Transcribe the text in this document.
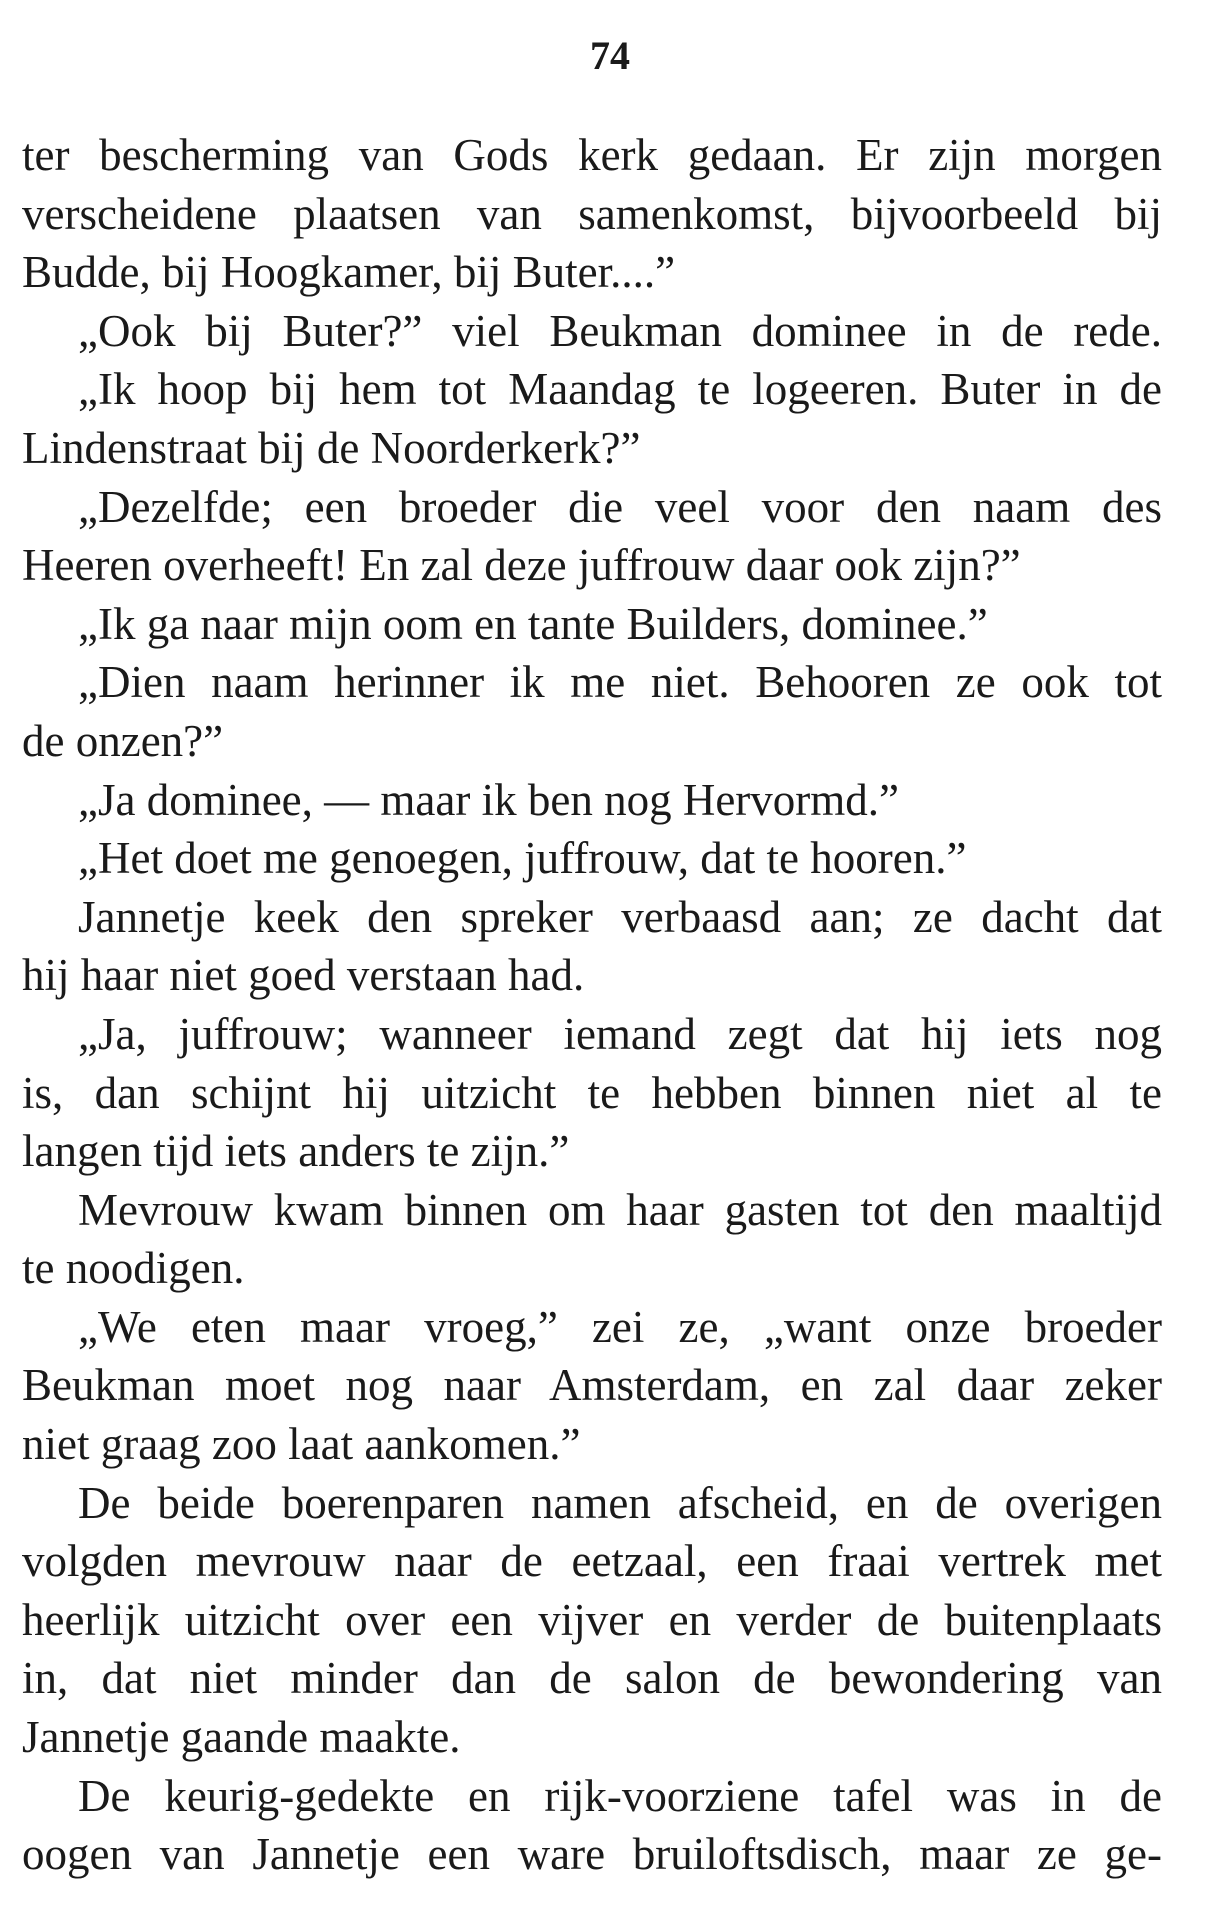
74
ter bescherming van Gods kerk gedaan. Er zijn morgen
verscheidene plaatsen van samenkomst, bijvoorbeeld bij
Budde, bij Hoogkamer, bij Buter....”
„Ook bij Buter?” viel Beukman dominee in de rede.
„Ik hoop bij hem tot Maandag te logeeren. Buter in de
Lindenstraat bij de Noorderkerk?”
„Dezelfde; een broeder die veel voor den naam des
Heeren overheeft! En zal deze juffrouw daar ook zijn?”
„Ik ga naar mijn oom en tante Builders, dominee.”
„Dien naam herinner ik me niet. Behooren ze ook tot
de onzen?”
„Ja dominee, — maar ik ben nog Hervormd.”
„Het doet me genoegen, juffrouw, dat te hooren.”
Jannetje keek den spreker verbaasd aan; ze dacht dat
hij haar niet goed verstaan had.
„Ja, juffrouw; wanneer iemand zegt dat hij iets nog
is, dan schijnt hij uitzicht te hebben binnen niet al te
langen tijd iets anders te zijn.”
Mevrouw kwam binnen om haar gasten tot den maaltijd
te noodigen.
„We eten maar vroeg,” zei ze, „want onze broeder
Beukman moet nog naar Amsterdam, en zal daar zeker
niet graag zoo laat aankomen.”
De beide boerenparen namen afscheid, en de overigen
volgden mevrouw naar de eetzaal, een fraai vertrek met
heerlijk uitzicht over een vijver en verder de buitenplaats
in, dat niet minder dan de salon de bewondering van
Jannetje gaande maakte.
De keurig-gedekte en rijk-voorziene tafel was in de
oogen van Jannetje een ware bruiloftsdisch, maar ze ge-
